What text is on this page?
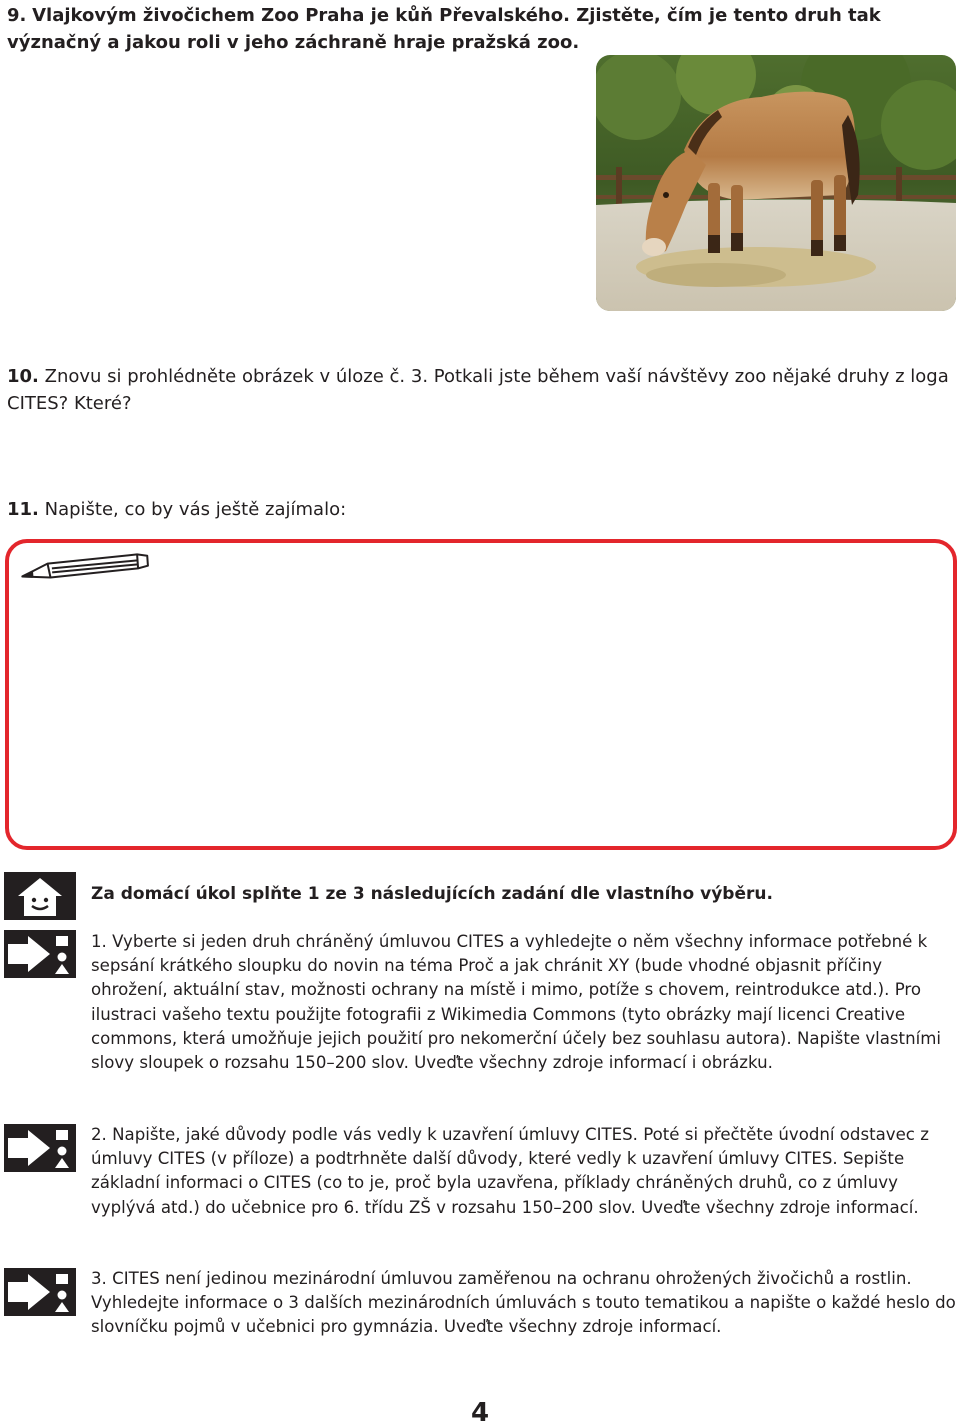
9. Vlajkovým živočichem Zoo Praha je kůň Převalského. Zjistěte, čím je tento druh tak význačný a jakou roli v jeho záchraně hraje pražská zoo.
10. Znovu si prohlédněte obrázek v úloze č. 3. Potkali jste během vaší návštěvy zoo nějaké druhy z loga CITES? Které?
11. Napište, co by vás ještě zajímalo:
Za domácí úkol splňte 1 ze 3 následujících zadání dle vlastního výběru.
1. Vyberte si jeden druh chráněný úmluvou CITES a vyhledejte o něm všechny informace potřebné k sepsání krátkého sloupku do novin na téma Proč a jak chránit XY (bude vhodné objasnit příčiny ohrožení, aktuální stav, možnosti ochrany na místě i mimo, potíže s chovem, reintrodukce atd.). Pro ilustraci vašeho textu použijte fotografii z Wikimedia Commons (tyto obrázky mají licenci Creative commons, která umožňuje jejich použití pro nekomerční účely bez souhlasu autora). Napište vlastními slovy sloupek o rozsahu 150–200 slov. Uveďte všechny zdroje informací i obrázku.
2. Napište, jaké důvody podle vás vedly k uzavření úmluvy CITES. Poté si přečtěte úvodní odstavec z úmluvy CITES (v příloze) a podtrhněte další důvody, které vedly k uzavření úmluvy CITES. Sepište základní informaci o CITES (co to je, proč byla uzavřena, příklady chráněných druhů, co z úmluvy vyplývá atd.) do učebnice pro 6. třídu ZŠ v rozsahu 150–200 slov. Uveďte všechny zdroje informací.
3. CITES není jedinou mezinárodní úmluvou zaměřenou na ochranu ohrožených živočichů a rostlin. Vyhledejte informace o 3 dalších mezinárodních úmluvách s touto tematikou a napište o každé heslo do slovníčku pojmů v učebnici pro gymnázia. Uveďte všechny zdroje informací.
4
